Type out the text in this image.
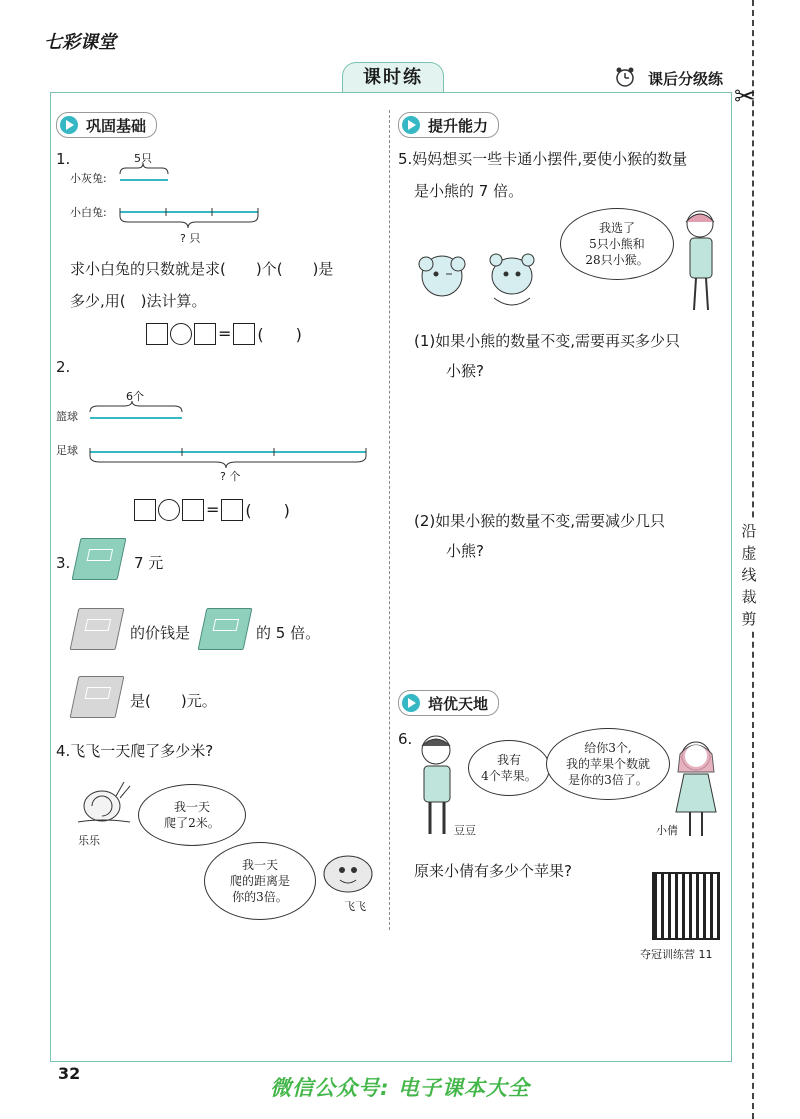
七彩课堂
课时练	课后分级练
✂
沿虚线裁剪
巩固基础
1.	5只
小灰兔:
小白兔:
? 只
求小白兔的只数就是求(　　)个(　　)是
多少,用(　)法计算。
= (　　)
2.
6个
篮球
足球
? 个
= (　　)
3.	7 元
的价钱是	的 5 倍。
是(　　)元。
4.飞飞一天爬了多少米?
乐乐
我一天
爬了2米。
我一天
爬的距离是
你的3倍。
飞飞
提升能力
5.妈妈想买一些卡通小摆件,要使小猴的数量
是小熊的 7 倍。
我选了
5只小熊和
28只小猴。
(1)如果小熊的数量不变,需要再买多少只
小猴?
(2)如果小猴的数量不变,需要减少几只
小熊?
培优天地
6.
我有
4个苹果。
给你3个,
我的苹果个数就
是你的3倍了。
豆豆	小倩
原来小倩有多少个苹果?
夺冠训练营 11
32
微信公众号: 电子课本大全
